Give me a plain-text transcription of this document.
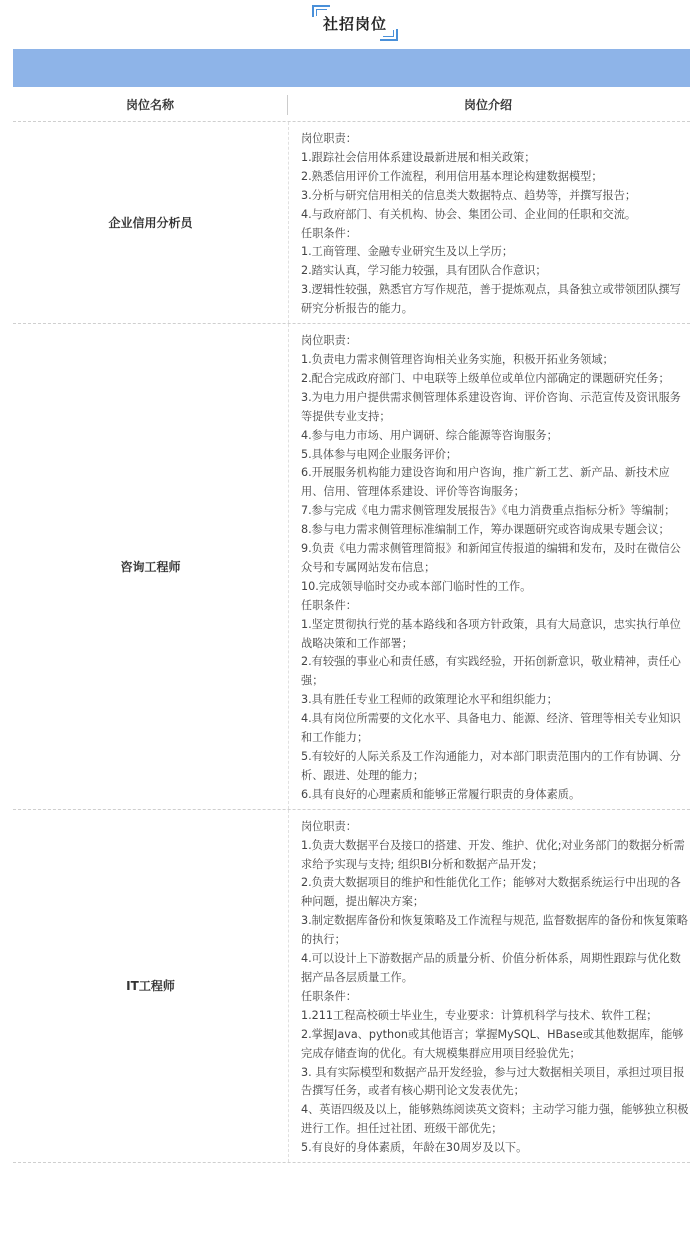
社招岗位
岗位名称	岗位介绍
企业信用分析员
岗位职责：
1.跟踪社会信用体系建设最新进展和相关政策；
2.熟悉信用评价工作流程，利用信用基本理论构建数据模型；
3.分析与研究信用相关的信息类大数据特点、趋势等，并撰写报告；
4.与政府部门、有关机构、协会、集团公司、企业间的任职和交流。
任职条件：
1.工商管理、金融专业研究生及以上学历；
2.踏实认真，学习能力较强，具有团队合作意识；
3.逻辑性较强，熟悉官方写作规范，善于提炼观点，具备独立或带领团队撰写研究分析报告的能力。
咨询工程师
岗位职责：
1.负责电力需求侧管理咨询相关业务实施，积极开拓业务领域；
2.配合完成政府部门、中电联等上级单位或单位内部确定的课题研究任务；
3.为电力用户提供需求侧管理体系建设咨询、评价咨询、示范宣传及资讯服务等提供专业支持；
4.参与电力市场、用户调研、综合能源等咨询服务；
5.具体参与电网企业服务评价；
6.开展服务机构能力建设咨询和用户咨询，推广新工艺、新产品、新技术应用、信用、管理体系建设、评价等咨询服务；
7.参与完成《电力需求侧管理发展报告》《电力消费重点指标分析》等编制；
8.参与电力需求侧管理标准编制工作，筹办课题研究或咨询成果专题会议；
9.负责《电力需求侧管理简报》和新闻宣传报道的编辑和发布，及时在微信公众号和专属网站发布信息；
10.完成领导临时交办或本部门临时性的工作。
任职条件：
1.坚定贯彻执行党的基本路线和各项方针政策，具有大局意识，忠实执行单位战略决策和工作部署；
2.有较强的事业心和责任感，有实践经验，开拓创新意识，敬业精神，责任心强；
3.具有胜任专业工程师的政策理论水平和组织能力；
4.具有岗位所需要的文化水平、具备电力、能源、经济、管理等相关专业知识和工作能力；
5.有较好的人际关系及工作沟通能力，对本部门职责范围内的工作有协调、分析、跟进、处理的能力；
6.具有良好的心理素质和能够正常履行职责的身体素质。
IT工程师
岗位职责：
1.负责大数据平台及接口的搭建、开发、维护、优化;对业务部门的数据分析需求给予实现与支持; 组织BI分析和数据产品开发；
2.负责大数据项目的维护和性能优化工作；能够对大数据系统运行中出现的各种问题，提出解决方案；
3.制定数据库备份和恢复策略及工作流程与规范, 监督数据库的备份和恢复策略的执行；
4.可以设计上下游数据产品的质量分析、价值分析体系，周期性跟踪与优化数据产品各层质量工作。
任职条件：
1.211工程高校硕士毕业生，专业要求：计算机科学与技术、软件工程；
2.掌握Java、python或其他语言；掌握MySQL、HBase或其他数据库，能够完成存储查询的优化。有大规模集群应用项目经验优先；
3. 具有实际模型和数据产品开发经验，参与过大数据相关项目，承担过项目报告撰写任务，或者有核心期刊论文发表优先；
4、英语四级及以上，能够熟练阅读英文资料；主动学习能力强，能够独立积极进行工作。担任过社团、班级干部优先；
5.有良好的身体素质，年龄在30周岁及以下。
